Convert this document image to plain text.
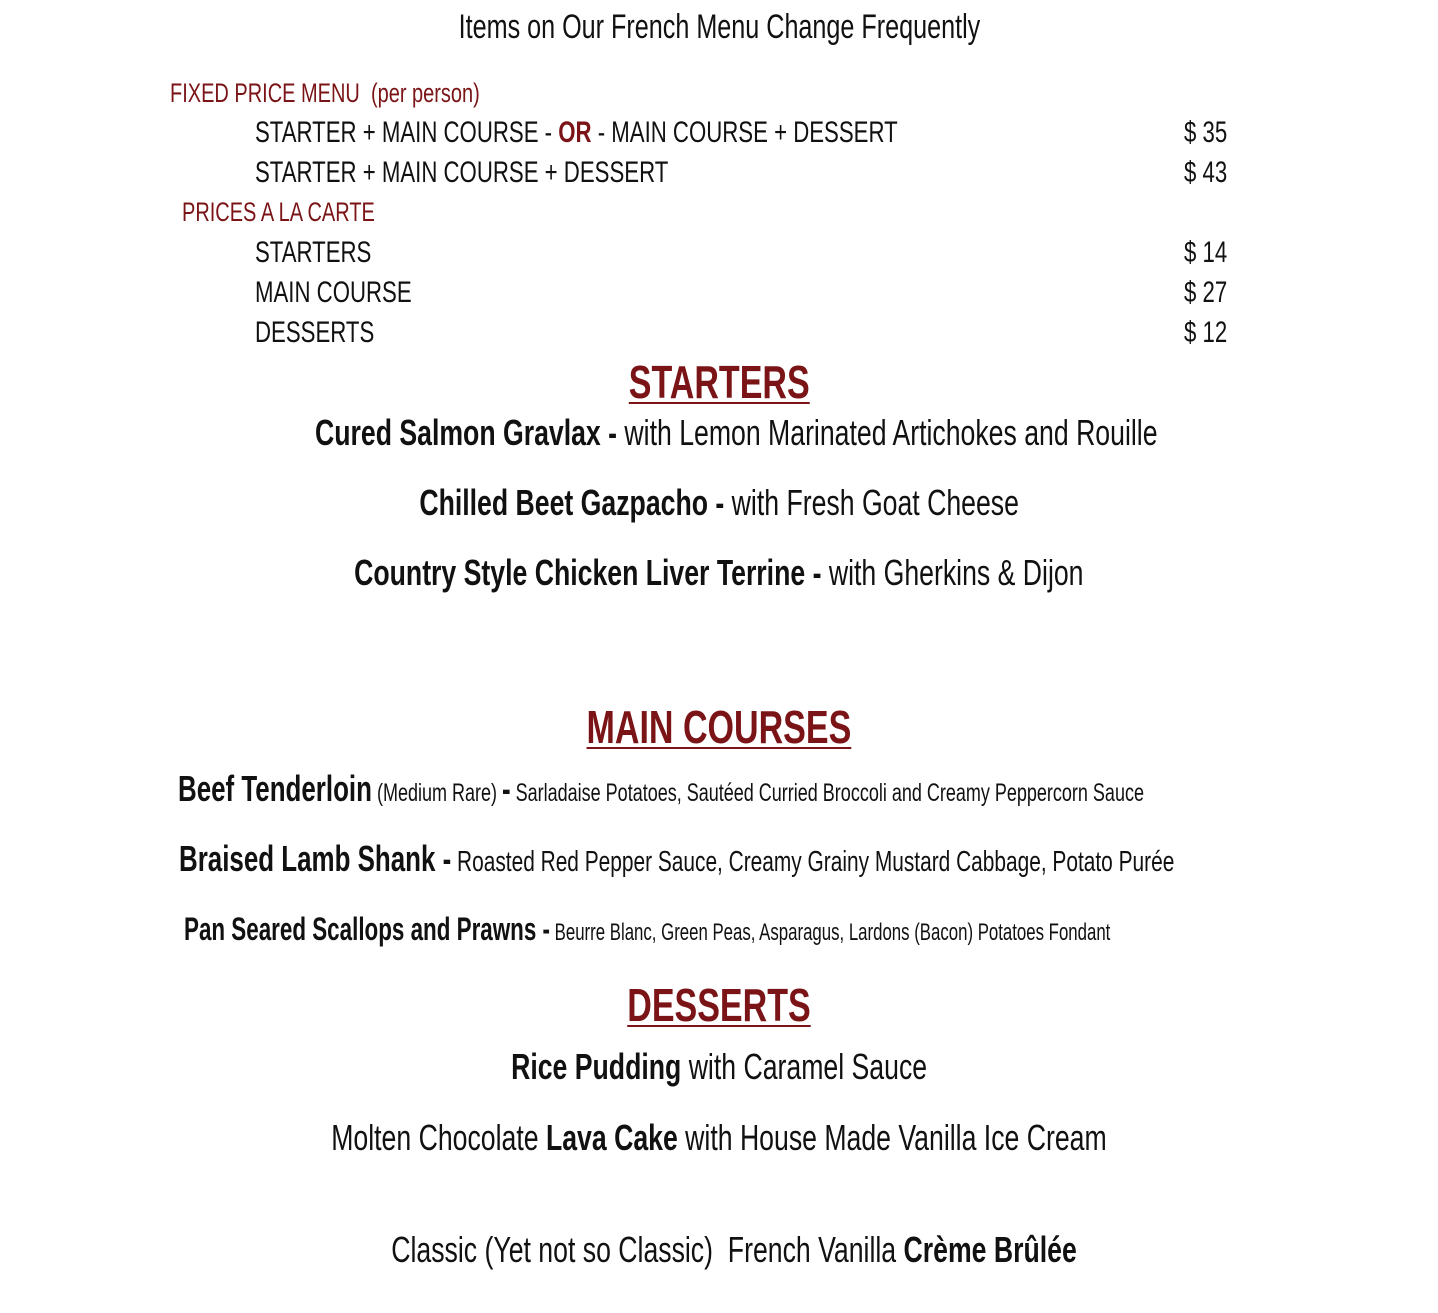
Items on Our French Menu Change Frequently
FIXED PRICE MENU (per person)
STARTER + MAIN COURSE - OR - MAIN COURSE + DESSERT	$ 35
STARTER + MAIN COURSE + DESSERT	$ 43
PRICES A LA CARTE
STARTERS	$ 14
MAIN COURSE	$ 27
DESSERTS	$ 12
STARTERS
Cured Salmon Gravlax - with Lemon Marinated Artichokes and Rouille
Chilled Beet Gazpacho - with Fresh Goat Cheese
Country Style Chicken Liver Terrine - with Gherkins & Dijon
MAIN COURSES
Beef Tenderloin (Medium Rare) - Sarladaise Potatoes, Sautéed Curried Broccoli and Creamy Peppercorn Sauce
Braised Lamb Shank - Roasted Red Pepper Sauce, Creamy Grainy Mustard Cabbage, Potato Purée
Pan Seared Scallops and Prawns - Beurre Blanc, Green Peas, Asparagus, Lardons (Bacon) Potatoes Fondant
DESSERTS
Rice Pudding with Caramel Sauce
Molten Chocolate Lava Cake with House Made Vanilla Ice Cream

Classic (Yet not so Classic)  French Vanilla Crème Brûlée
